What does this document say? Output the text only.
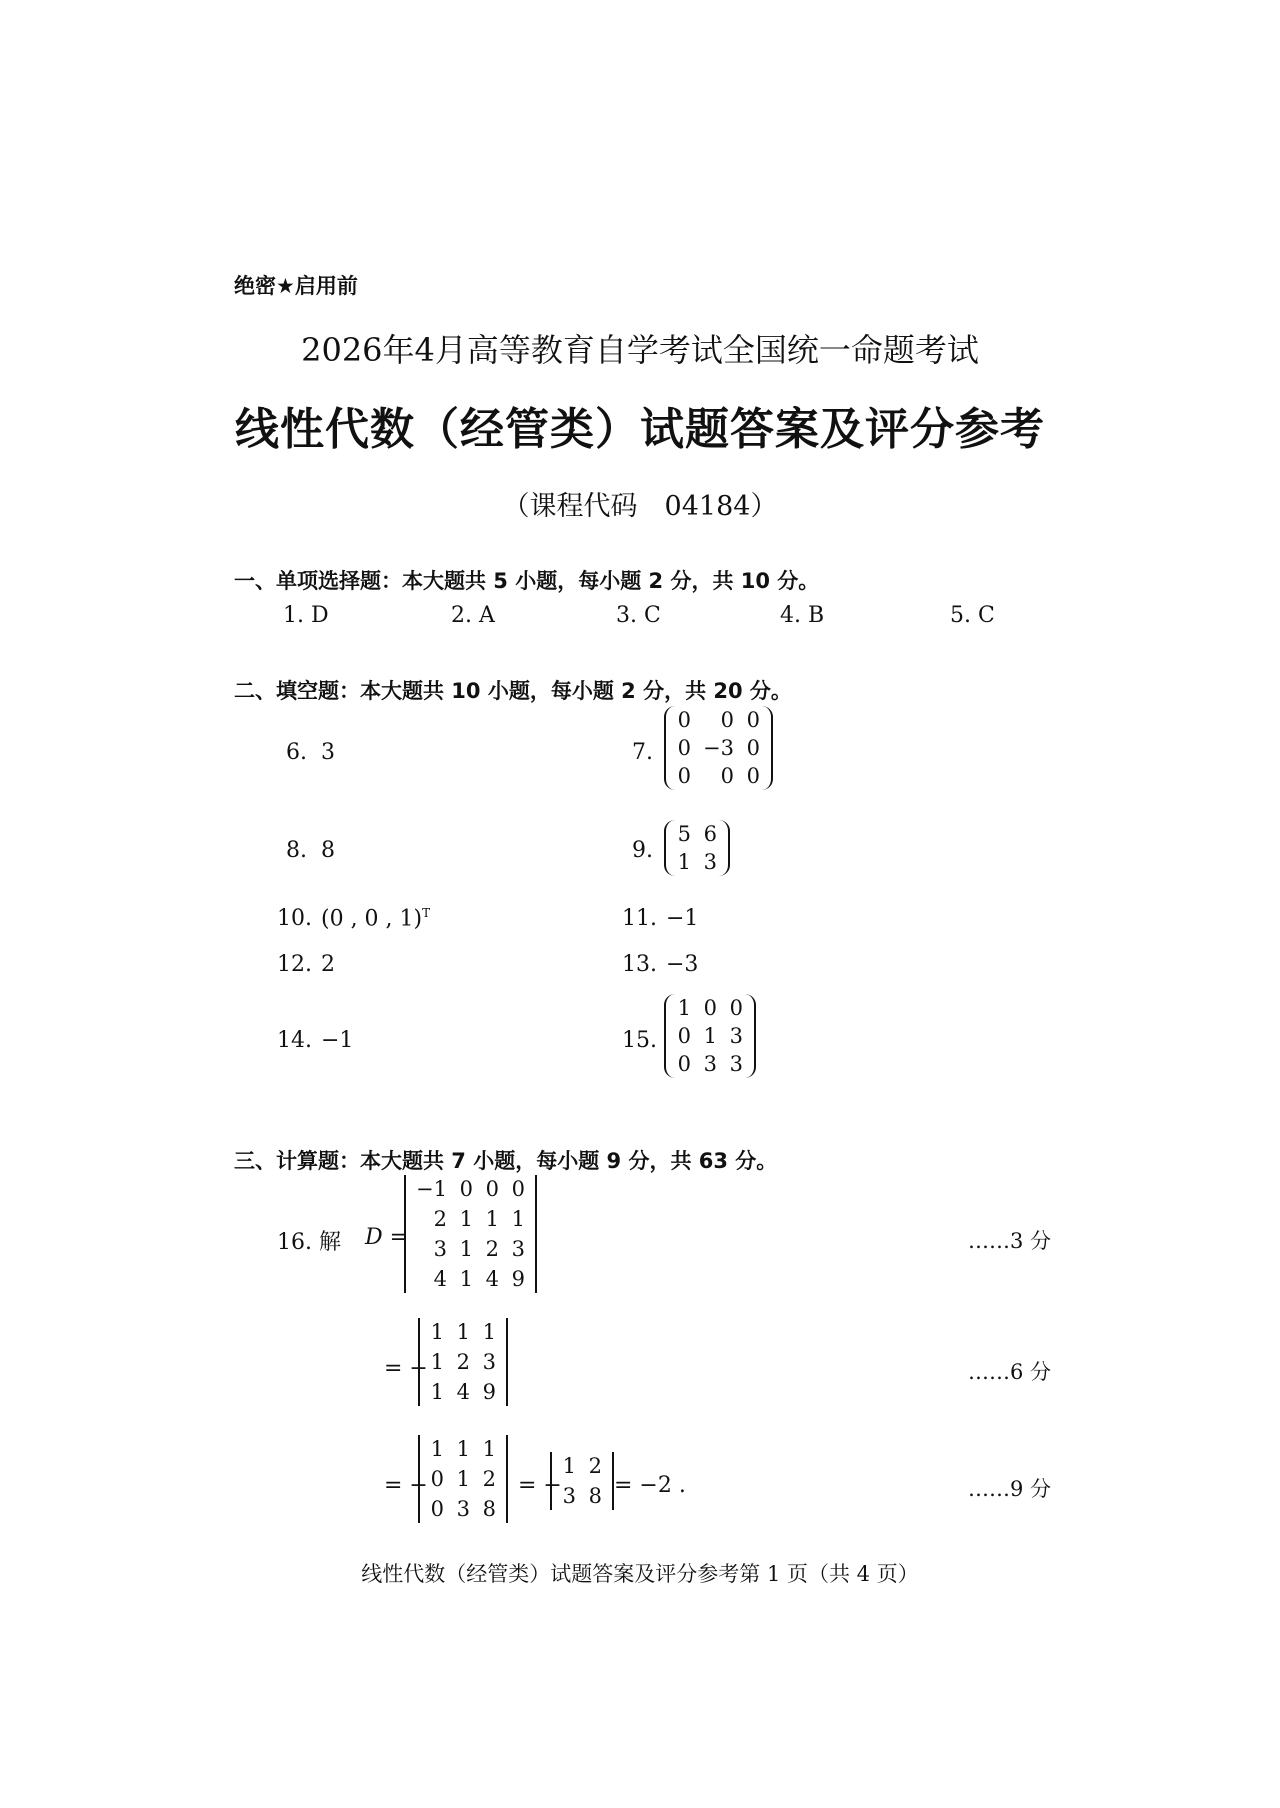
绝密★启用前
2026年4月高等教育自学考试全国统一命题考试
线性代数（经管类）试题答案及评分参考
（课程代码　04184）
一、单项选择题：本大题共 5 小题，每小题 2 分，共 10 分。
1. D	2. A	3. C	4. B	5. C
二、填空题：本大题共 10 小题，每小题 2 分，共 20 分。
6. 3	7.
0	0 0
0 −3 0
0	0 0
8. 8	9.
5 6
1 3
10. (0 , 0 , 1)$^T$	11. −1
12. 2	13. −3
14. −1	15.
1 0 0
0 1 3
0 3 3
三、计算题：本大题共 7 小题，每小题 9 分，共 63 分。
16. 解 D =
−1 0 0 0
2 1 1 1
3 1 2 3
4 1 4 9
……3 分
= −
1 1 1
1 2 3
1 4 9
……6 分
= −
1 1 1
0 1 2
0 3 8
= −
1 2
3 8 = −2 .	……9 分
线性代数（经管类）试题答案及评分参考第 1 页（共 4 页）
